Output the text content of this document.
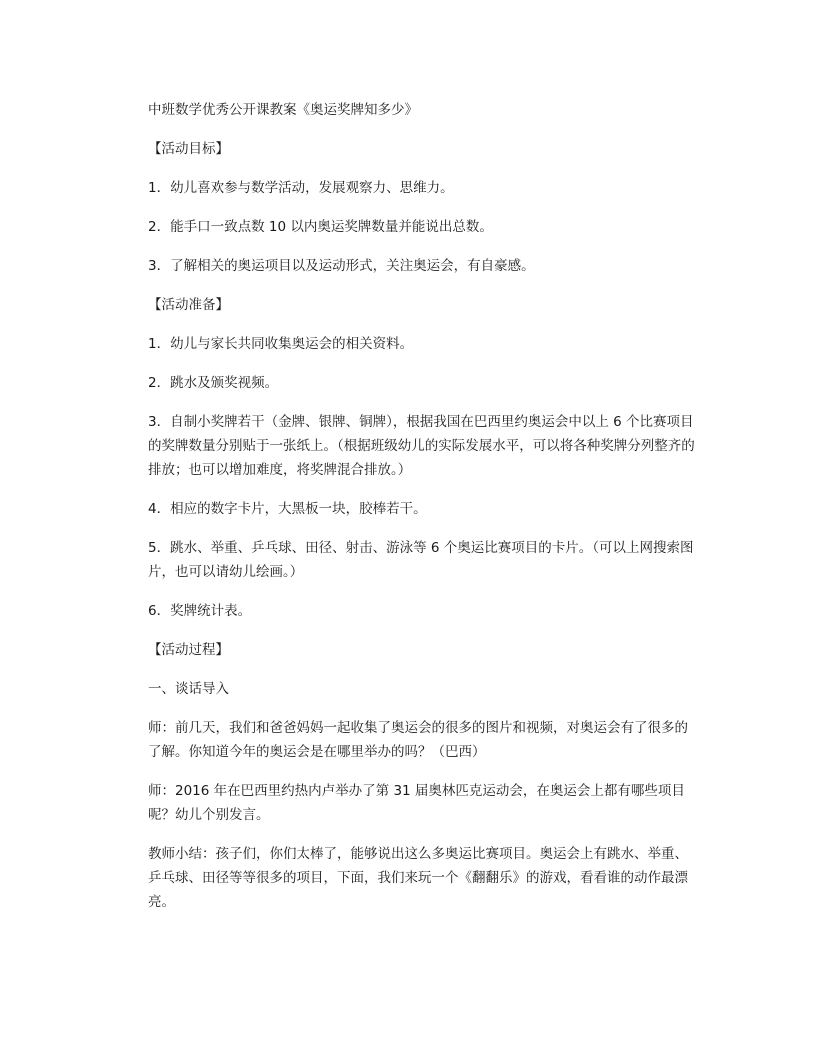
中班数学优秀公开课教案《奥运奖牌知多少》

【活动目标】

1．幼儿喜欢参与数学活动，发展观察力、思维力。

2．能手口一致点数 10 以内奥运奖牌数量并能说出总数。

3．了解相关的奥运项目以及运动形式，关注奥运会，有自豪感。

【活动准备】

1．幼儿与家长共同收集奥运会的相关资料。

2．跳水及颁奖视频。

3．自制小奖牌若干（金牌、银牌、铜牌），根据我国在巴西里约奥运会中以上 6 个比赛项目的奖牌数量分别贴于一张纸上。（根据班级幼儿的实际发展水平，可以将各种奖牌分列整齐的排放；也可以增加难度，将奖牌混合排放。）

4．相应的数字卡片，大黑板一块，胶棒若干。

5．跳水、举重、乒乓球、田径、射击、游泳等 6 个奥运比赛项目的卡片。（可以上网搜索图片，也可以请幼儿绘画。）

6．奖牌统计表。

【活动过程】

一、谈话导入

师：前几天，我们和爸爸妈妈一起收集了奥运会的很多的图片和视频，对奥运会有了很多的了解。你知道今年的奥运会是在哪里举办的吗？（巴西）

师：2016 年在巴西里约热内卢举办了第 31 届奥林匹克运动会，在奥运会上都有哪些项目呢？幼儿个别发言。

教师小结：孩子们，你们太棒了，能够说出这么多奥运比赛项目。奥运会上有跳水、举重、乒乓球、田径等等很多的项目，下面，我们来玩一个《翻翻乐》的游戏，看看谁的动作最漂亮。
